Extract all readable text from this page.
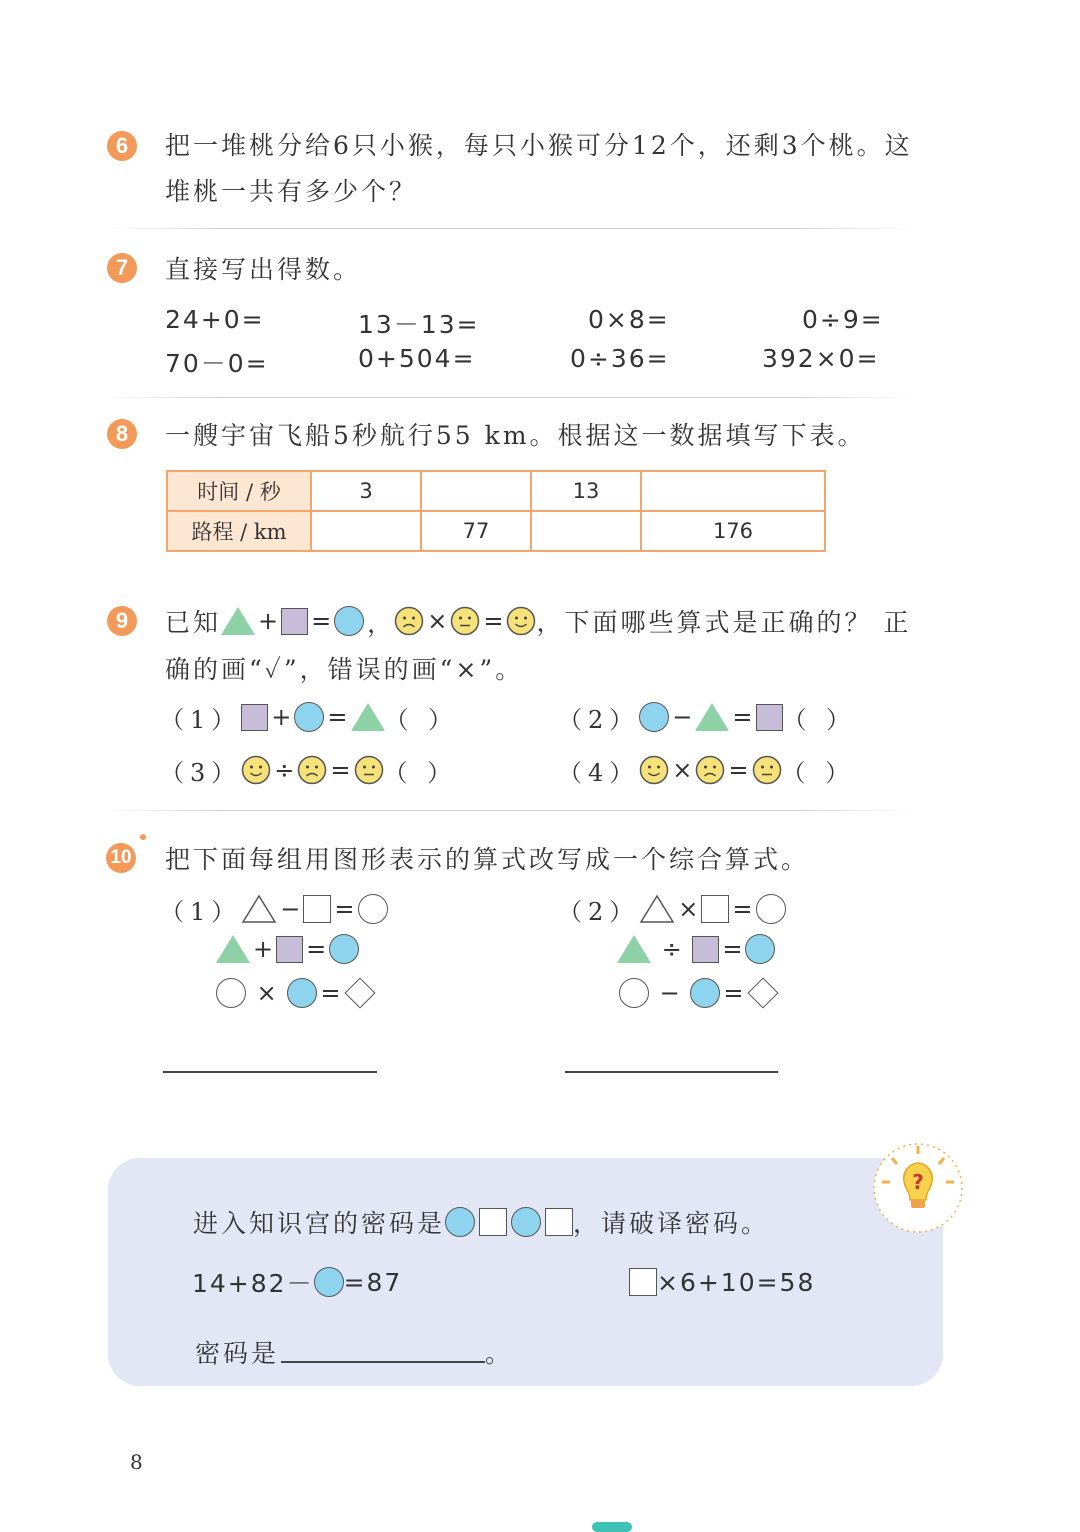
6	把一堆桃分给6只小猴，每只小猴可分12个，还剩3个桃。这
堆桃一共有多少个？
7	直接写出得数。
24+0=	13－13=	0×8=	0÷9=
70－0=	0+504=	0÷36=	392×0=
8	一艘宇宙飞船5秒航行55 km。根据这一数据填写下表。
时间 / 秒	3		13	
路程 / km		77		176
9	已知 + = ， × = ，下面哪些算式是正确的？ 正
确的画“✓”，错误的画“×”。
（1） + = （ ）	（2） − = （ ）
（3） ÷ = （ ）	（4） × = （ ）
10 把下面每组用图形表示的算式改写成一个综合算式。
（1） − =
+ =
× =
（2） × =
÷ =
− =
?
进入知识宫的密码是	，请破译密码。
14+82－ =87	×6+10=58
密码是	。
8
